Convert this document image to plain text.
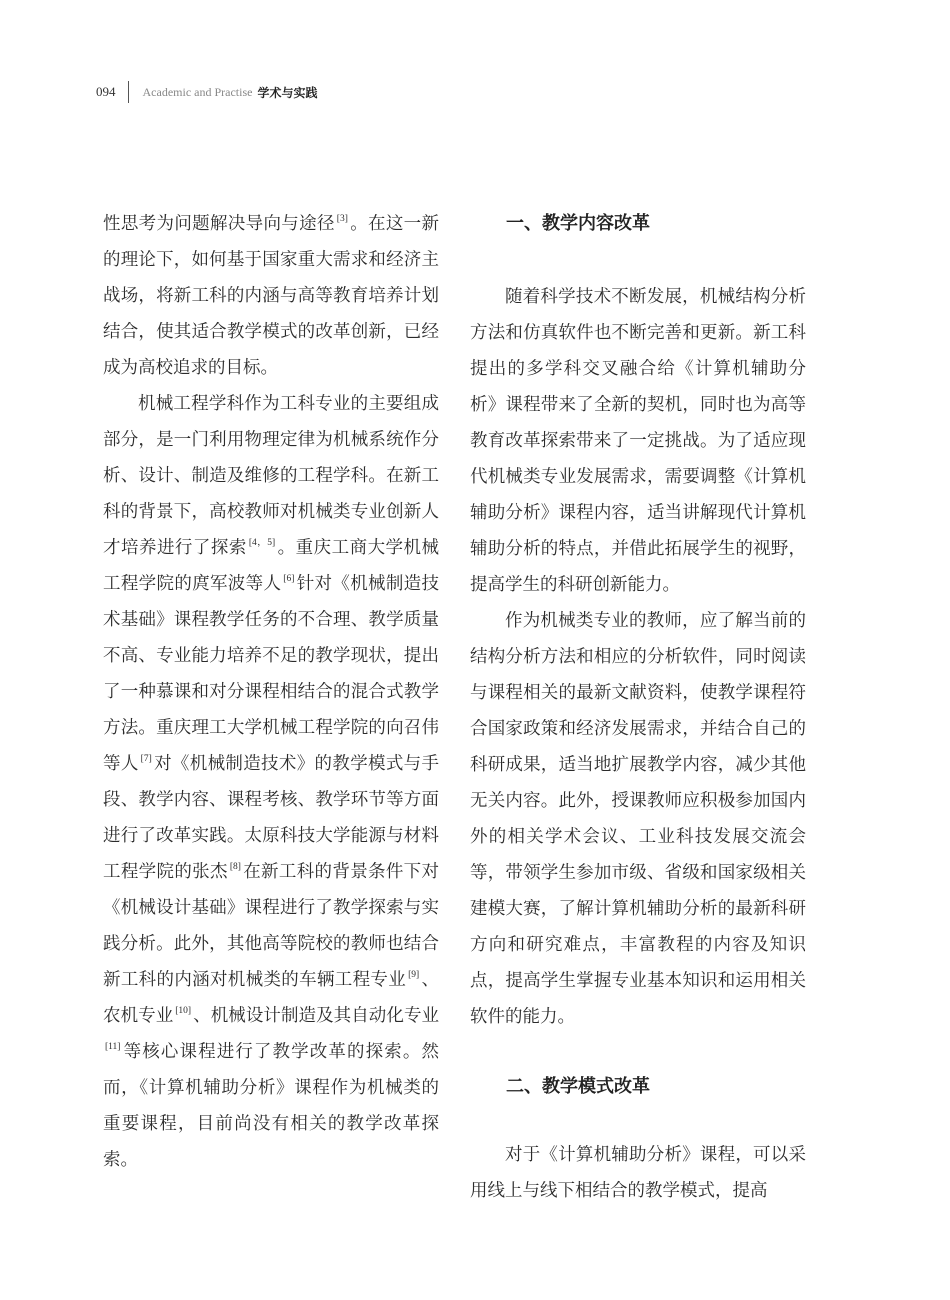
094 Academic and Practise 学术与实践

性思考为问题解决导向与途径 [3] 。在这一新的理论下，如何基于国家重大需求和经济主战场，将新工科的内涵与高等教育培养计划结合，使其适合教学模式的改革创新，已经成为高校追求的目标。

机械工程学科作为工科专业的主要组成部分，是一门利用物理定律为机械系统作分析、设计、制造及维修的工程学科。在新工科的背景下，高校教师对机械类专业创新人才培养进行了探索 [4，5] 。重庆工商大学机械工程学院的庹军波等人 [6] 针对《机械制造技术基础》课程教学任务的不合理、教学质量不高、专业能力培养不足的教学现状，提出了一种慕课和对分课程相结合的混合式教学方法。重庆理工大学机械工程学院的向召伟等人 [7] 对《机械制造技术》的教学模式与手段、教学内容、课程考核、教学环节等方面进行了改革实践。太原科技大学能源与材料工程学院的张杰 [8] 在新工科的背景条件下对《机械设计基础》课程进行了教学探索与实践分析。此外，其他高等院校的教师也结合新工科的内涵对机械类的车辆工程专业 [9] 、农机专业 [10] 、机械设计制造及其自动化专业[11] 等核心课程进行了教学改革的探索。然而，《计算机辅助分析》课程作为机械类的重要课程，目前尚没有相关的教学改革探索。

一、教学内容改革

随着科学技术不断发展，机械结构分析方法和仿真软件也不断完善和更新。新工科提出的多学科交叉融合给《计算机辅助分析》课程带来了全新的契机，同时也为高等教育改革探索带来了一定挑战。为了适应现代机械类专业发展需求，需要调整《计算机辅助分析》课程内容，适当讲解现代计算机辅助分析的特点，并借此拓展学生的视野，提高学生的科研创新能力。

作为机械类专业的教师，应了解当前的结构分析方法和相应的分析软件，同时阅读与课程相关的最新文献资料，使教学课程符合国家政策和经济发展需求，并结合自己的科研成果，适当地扩展教学内容，减少其他无关内容。此外，授课教师应积极参加国内外的相关学术会议、工业科技发展交流会等，带领学生参加市级、省级和国家级相关建模大赛，了解计算机辅助分析的最新科研方向和研究难点，丰富教程的内容及知识点，提高学生掌握专业基本知识和运用相关软件的能力。

二、教学模式改革

对于《计算机辅助分析》课程，可以采用线上与线下相结合的教学模式，提高
